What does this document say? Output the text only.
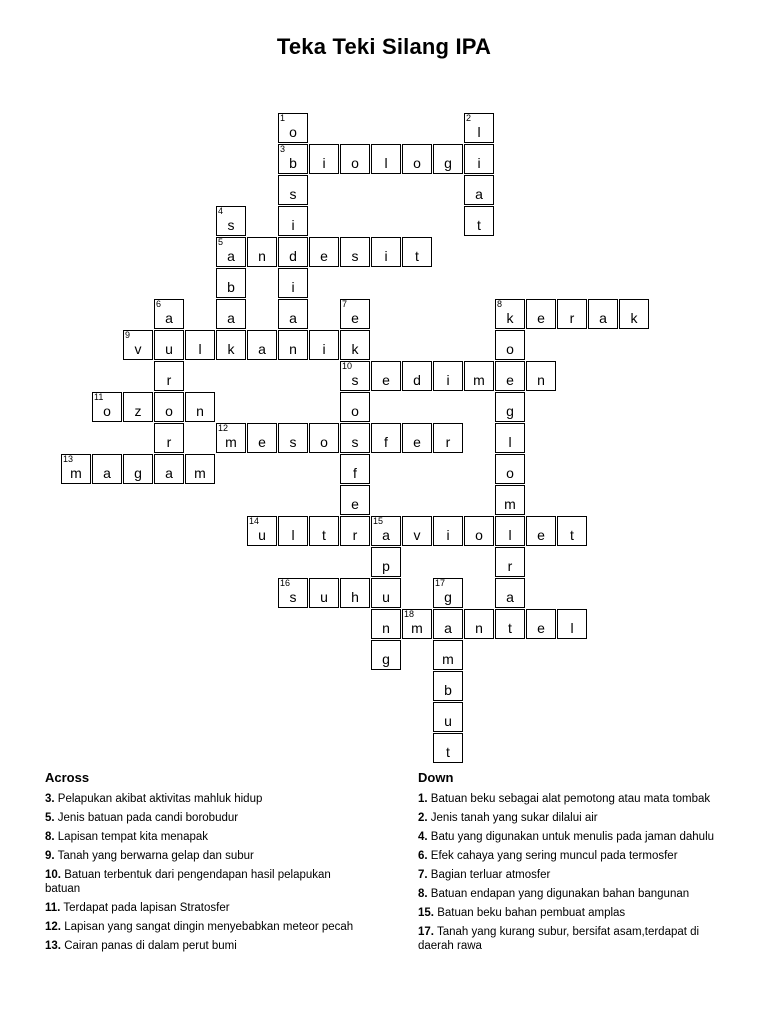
Teka Teki Silang IPA
1
o
3
b	i	o	l	o	g	i
s
i
d
i
a
2
l
a
t
4
s
5
a	n	e	s	i	t
b
a
6
a
r
r
a
7
e
o
f
e
8
k	e	r	a	k
o
g
l
o
m
r
a
9
v	u	l	k	a	n	i	k
10
s	e	d	i	m	e	n
11
o	z	o	n
12
m	e	s	o	s	f	e	r
13
m	a	g	m
14
u	l	t	r
15
a	v	i	o	l	e	t
p
u
n
g
16
s	u	h
17
g
m
b
u
t
18
m	a	n	t	e	l
Across
3. Pelapukan akibat aktivitas mahluk hidup
5. Jenis batuan pada candi borobudur
8. Lapisan tempat kita menapak
9. Tanah yang berwarna gelap dan subur
10. Batuan terbentuk dari pengendapan hasil pelapukan batuan
11. Terdapat pada lapisan Stratosfer
12. Lapisan yang sangat dingin menyebabkan meteor pecah
13. Cairan panas di dalam perut bumi
Down
1. Batuan beku sebagai alat pemotong atau mata tombak
2. Jenis tanah yang sukar dilalui air
4. Batu yang digunakan untuk menulis pada jaman dahulu
6. Efek cahaya yang sering muncul pada termosfer
7. Bagian terluar atmosfer
8. Batuan endapan yang digunakan bahan bangunan
15. Batuan beku bahan pembuat amplas
17. Tanah yang kurang subur, bersifat asam,terdapat di daerah rawa
